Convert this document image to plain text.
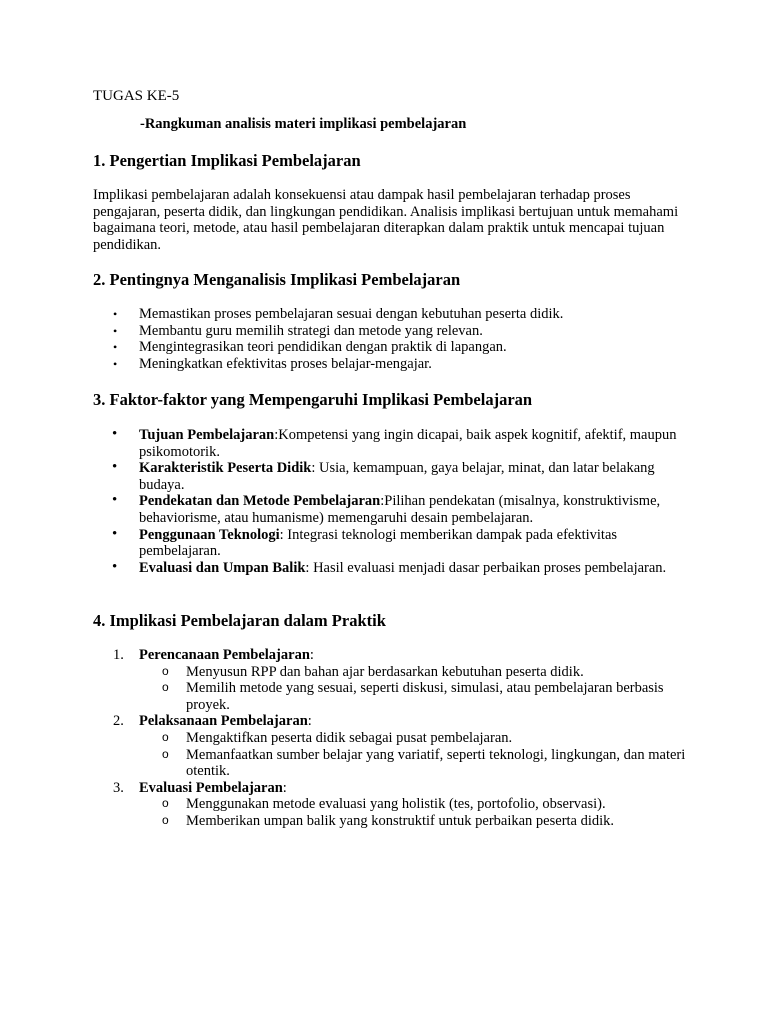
TUGAS KE-5
-Rangkuman analisis materi implikasi pembelajaran
1. Pengertian Implikasi Pembelajaran
Implikasi pembelajaran adalah konsekuensi atau dampak hasil pembelajaran terhadap proses pengajaran, peserta didik, dan lingkungan pendidikan. Analisis implikasi bertujuan untuk memahami bagaimana teori, metode, atau hasil pembelajaran diterapkan dalam praktik untuk mencapai tujuan pendidikan.
2. Pentingnya Menganalisis Implikasi Pembelajaran
• Memastikan proses pembelajaran sesuai dengan kebutuhan peserta didik.
• Membantu guru memilih strategi dan metode yang relevan.
• Mengintegrasikan teori pendidikan dengan praktik di lapangan.
• Meningkatkan efektivitas proses belajar-mengajar.
3. Faktor-faktor yang Mempengaruhi Implikasi Pembelajaran
• Tujuan Pembelajaran:Kompetensi yang ingin dicapai, baik aspek kognitif, afektif, maupun psikomotorik.
• Karakteristik Peserta Didik: Usia, kemampuan, gaya belajar, minat, dan latar belakang budaya.
• Pendekatan dan Metode Pembelajaran:Pilihan pendekatan (misalnya, konstruktivisme, behaviorisme, atau humanisme) memengaruhi desain pembelajaran.
• Penggunaan Teknologi: Integrasi teknologi memberikan dampak pada efektivitas pembelajaran.
• Evaluasi dan Umpan Balik: Hasil evaluasi menjadi dasar perbaikan proses pembelajaran.
4. Implikasi Pembelajaran dalam Praktik
1. Perencanaan Pembelajaran:
o Menyusun RPP dan bahan ajar berdasarkan kebutuhan peserta didik.
o Memilih metode yang sesuai, seperti diskusi, simulasi, atau pembelajaran berbasis proyek.
2. Pelaksanaan Pembelajaran:
o Mengaktifkan peserta didik sebagai pusat pembelajaran.
o Memanfaatkan sumber belajar yang variatif, seperti teknologi, lingkungan, dan materi otentik.
3. Evaluasi Pembelajaran:
o Menggunakan metode evaluasi yang holistik (tes, portofolio, observasi).
o Memberikan umpan balik yang konstruktif untuk perbaikan peserta didik.
